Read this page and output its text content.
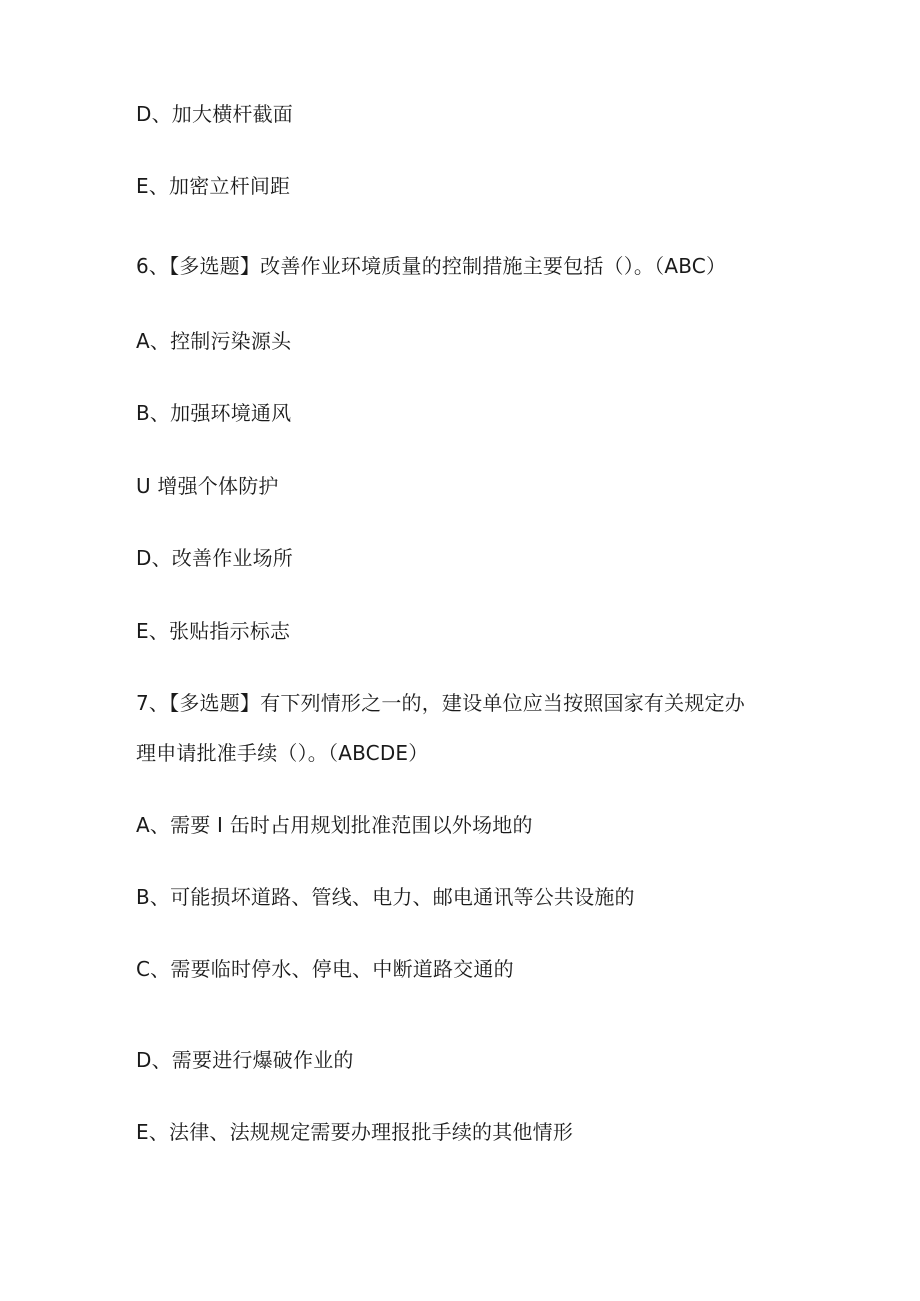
D、加大横杆截面
E、加密立杆间距
6、【多选题】改善作业环境质量的控制措施主要包括（）。（ABC）
A、控制污染源头
B、加强环境通风
U 增强个体防护
D、改善作业场所
E、张贴指示标志
7、【多选题】有下列情形之一的，建设单位应当按照国家有关规定办
理申请批准手续（）。（ABCDE）
A、需要 I 缶时占用规划批准范围以外场地的
B、可能损坏道路、管线、电力、邮电通讯等公共设施的
C、需要临时停水、停电、中断道路交通的
D、需要进行爆破作业的
E、法律、法规规定需要办理报批手续的其他情形
